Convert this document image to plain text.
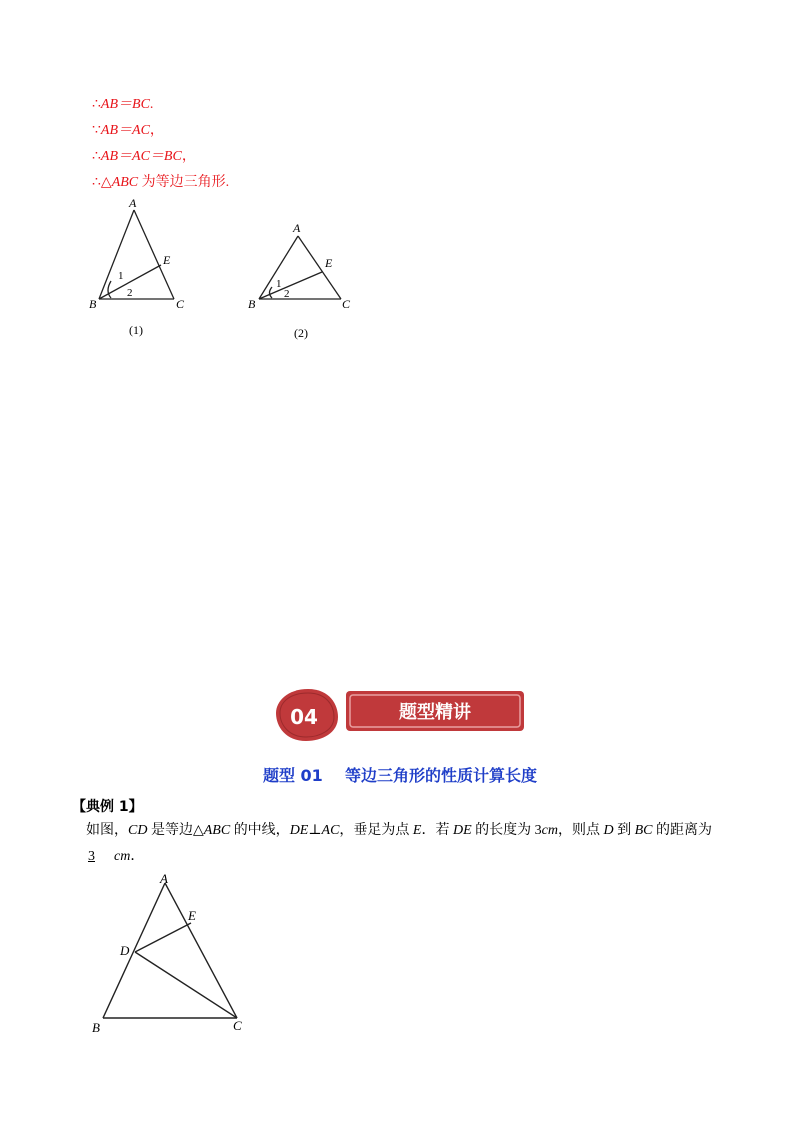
∴AB＝BC.
∵AB＝AC，
∴AB＝AC＝BC，
∴△ABC 为等边三角形.
A
E
B	C
1
2
(1)
A
E
B	C
1
2
(2)
04	题型精讲
题型 01    等边三角形的性质计算长度
【典例 1】
如图，CD 是等边△ABC 的中线，DE⊥AC，垂足为点 E．若 DE 的长度为 3cm，则点 D 到 BC 的距离为
3 cm．
A
E
D
B	C
